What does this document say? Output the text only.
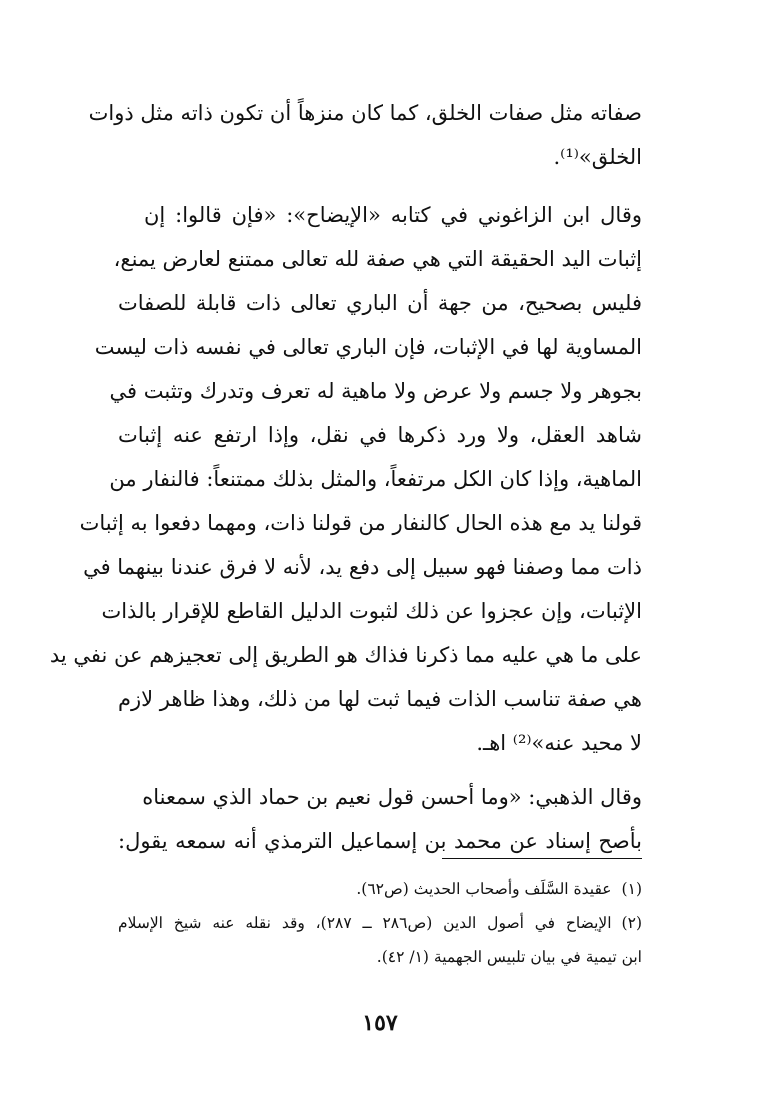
صفاته مثل صفات الخلق، كما كان منزهاً أن تكون ذاته مثل ذوات
الخلق»⁽¹⁾.
وقال ابن الزاغوني في كتابه «الإيضاح»: «فإن قالوا: إن
إثبات اليد الحقيقة التي هي صفة لله تعالى ممتنع لعارض يمنع،
فليس بصحيح، من جهة أن الباري تعالى ذات قابلة للصفات
المساوية لها في الإثبات، فإن الباري تعالى في نفسه ذات ليست
بجوهر ولا جسم ولا عرض ولا ماهية له تعرف وتدرك وتثبت في
شاهد العقل، ولا ورد ذكرها في نقل، وإذا ارتفع عنه إثبات
الماهية، وإذا كان الكل مرتفعاً، والمثل بذلك ممتنعاً: فالنفار من
قولنا يد مع هذه الحال كالنفار من قولنا ذات، ومهما دفعوا به إثبات
ذات مما وصفنا فهو سبيل إلى دفع يد، لأنه لا فرق عندنا بينهما في
الإثبات، وإن عجزوا عن ذلك لثبوت الدليل القاطع للإقرار بالذات
على ما هي عليه مما ذكرنا فذاك هو الطريق إلى تعجيزهم عن نفي يد
هي صفة تناسب الذات فيما ثبت لها من ذلك، وهذا ظاهر لازم
لا محيد عنه»⁽²⁾ اهـ.
وقال الذهبي: «وما أحسن قول نعيم بن حماد الذي سمعناه
بأصح إسناد عن محمد بن إسماعيل الترمذي أنه سمعه يقول:
(١)عقيدة السَّلَف وأصحاب الحديث (ص٦٢).
(٢)الإيضاح في أصول الدين (ص٢٨٦ ــ ٢٨٧)، وقد نقله عنه شيخ الإسلام
ابن تيمية في بيان تلبيس الجهمية (١/ ٤٢).
١٥٧
